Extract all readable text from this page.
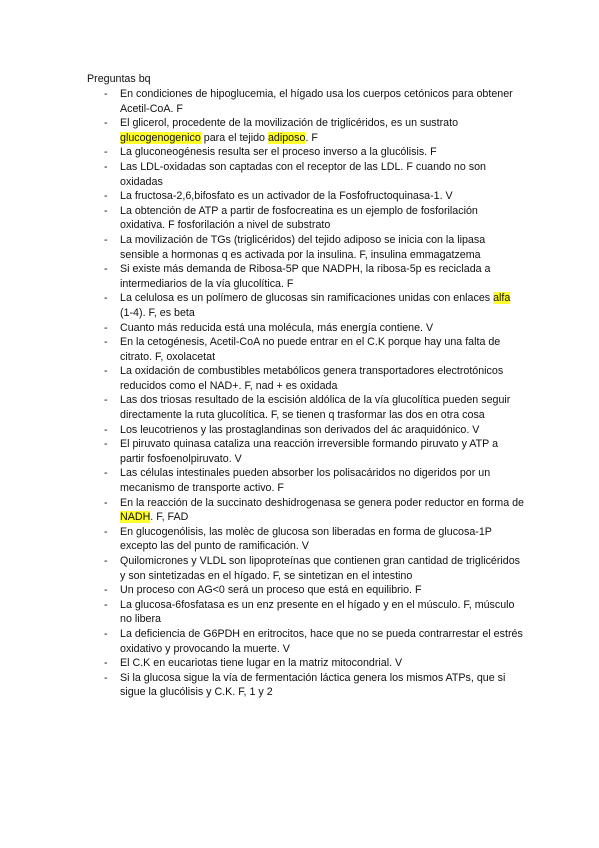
Preguntas bq
- En condiciones de hipoglucemia, el hígado usa los cuerpos cetónicos para obtener Acetil-CoA. F
- El glicerol, procedente de la movilización de triglicéridos, es un sustrato glucogenogenico para el tejido adiposo. F
- La gluconeogénesis resulta ser el proceso inverso a la glucólisis. F
- Las LDL-oxidadas son captadas con el receptor de las LDL. F cuando no son oxidadas
- La fructosa-2,6,bifosfato es un activador de la Fosfofructoquinasa-1. V
- La obtención de ATP a partir de fosfocreatina es un ejemplo de fosforilación oxidativa. F fosforilación a nivel de substrato
- La movilización de TGs (triglicéridos) del tejido adiposo se inicia con la lipasa sensible a hormonas q es activada por la insulina. F, insulina emmagatzema
- Si existe más demanda de Ribosa-5P que NADPH, la ribosa-5p es reciclada a intermediarios de la vía glucolítica. F
- La celulosa es un polímero de glucosas sin ramificaciones unidas con enlaces alfa (1-4). F, es beta
- Cuanto más reducida está una molécula, más energía contiene. V
- En la cetogénesis, Acetil-CoA no puede entrar en el C.K porque hay una falta de citrato. F, oxolacetat
- La oxidación de combustibles metabólicos genera transportadores electrotónicos reducidos como el NAD+. F, nad + es oxidada
- Las dos triosas resultado de la escisión aldólica de la vía glucolítica pueden seguir directamente la ruta glucolítica. F, se tienen q trasformar las dos en otra cosa
- Los leucotrienos y las prostaglandinas son derivados del ác araquidónico. V
- El piruvato quinasa cataliza una reacción irreversible formando piruvato y ATP a partir fosfoenolpiruvato. V
- Las células intestinales pueden absorber los polisacáridos no digeridos por un mecanismo de transporte activo. F
- En la reacción de la succinato deshidrogenasa se genera poder reductor en forma de NADH. F, FAD
- En glucogenólisis, las molèc de glucosa son liberadas en forma de glucosa-1P excepto las del punto de ramificación. V
- Quilomicrones y VLDL son lipoproteínas que contienen gran cantidad de triglicéridos y son sintetizadas en el hígado. F, se sintetizan en el intestino
- Un proceso con AG<0 será un proceso que está en equilibrio. F
- La glucosa-6fosfatasa es un enz presente en el hígado y en el músculo. F, músculo no libera
- La deficiencia de G6PDH en eritrocitos, hace que no se pueda contrarrestar el estrés oxidativo y provocando la muerte. V
- El C.K en eucariotas tiene lugar en la matriz mitocondrial. V
- Si la glucosa sigue la vía de fermentación láctica genera los mismos ATPs, que si sigue la glucólisis y C.K. F, 1 y 2
